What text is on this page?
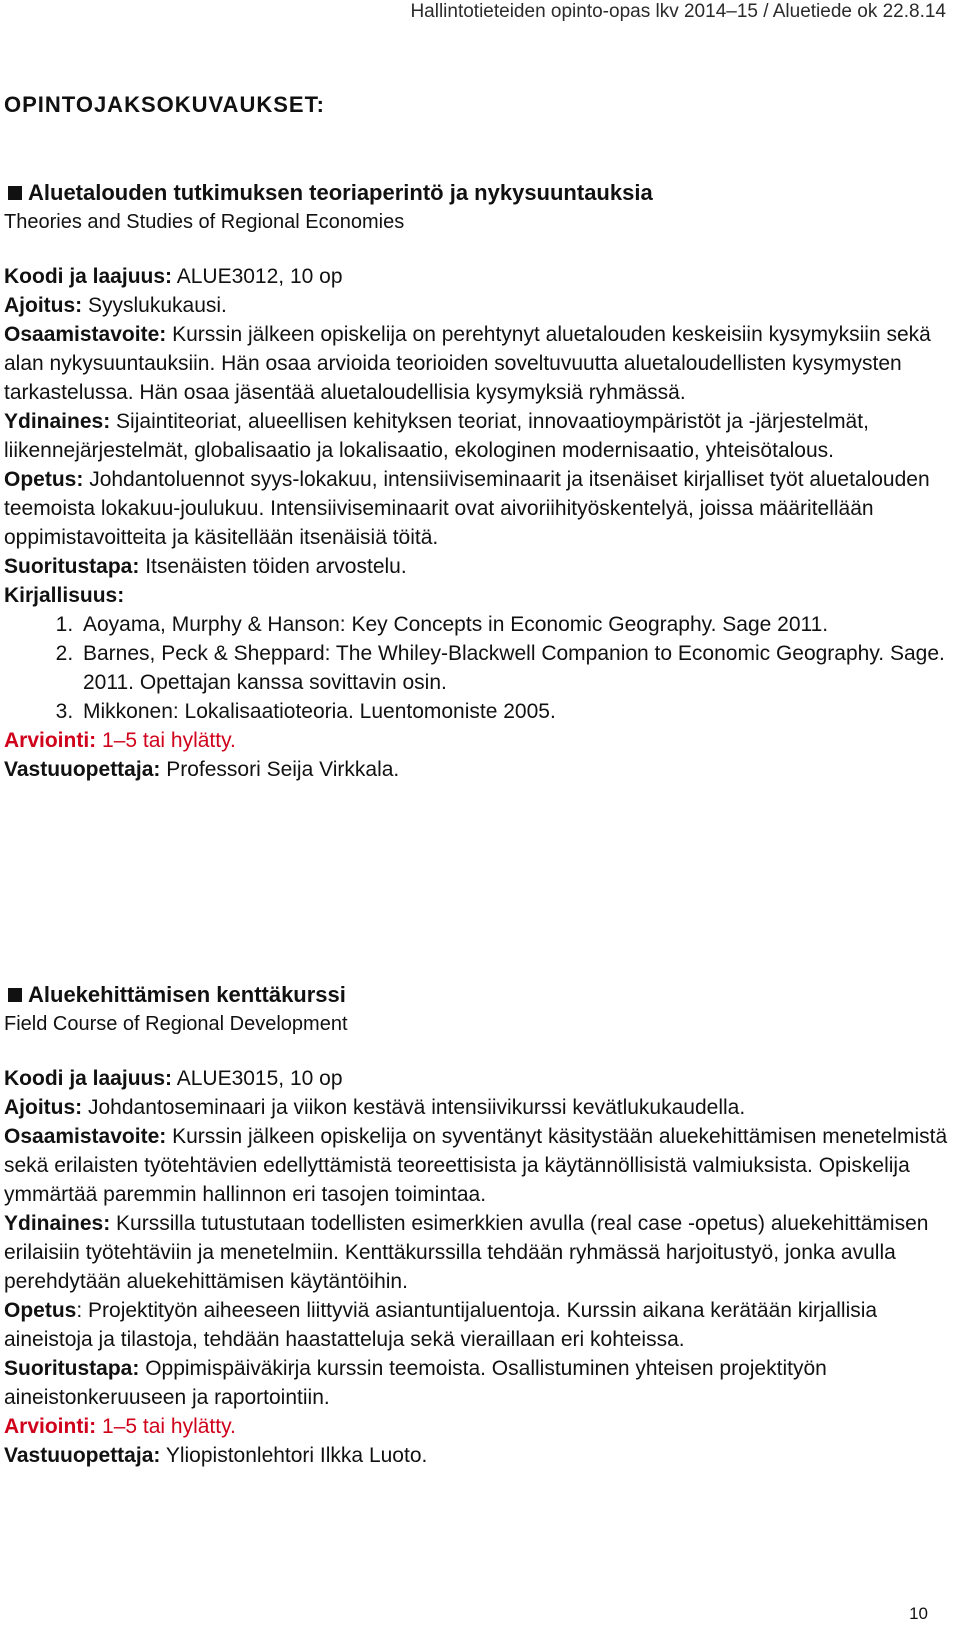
Hallintotieteiden opinto-opas lkv 2014–15 / Aluetiede ok 22.8.14
OPINTOJAKSOKUVAUKSET:
Aluetalouden tutkimuksen teoriaperintö ja nykysuuntauksia
Theories and Studies of Regional Economies

Koodi ja laajuus: ALUE3012, 10 op

Ajoitus: Syyslukukausi.

Osaamistavoite: Kurssin jälkeen opiskelija on perehtynyt aluetalouden keskeisiin kysymyksiin sekä alan nykysuuntauksiin. Hän osaa arvioida teorioiden soveltuvuutta aluetaloudellisten kysymysten tarkastelussa. Hän osaa jäsentää aluetaloudellisia kysymyksiä ryhmässä.

Ydinaines: Sijaintiteoriat, alueellisen kehityksen teoriat, innovaatioympäristöt ja -järjestelmät, liikennejärjestelmät, globalisaatio ja lokalisaatio, ekologinen modernisaatio, yhteisötalous.

Opetus: Johdantoluennot syys-lokakuu, intensiiviseminaarit ja itsenäiset kirjalliset työt aluetalouden teemoista lokakuu-joulukuu. Intensiiviseminaarit ovat aivoriihityöskentelyä, joissa määritellään oppimistavoitteita ja käsitellään itsenäisiä töitä.

Suoritustapa: Itsenäisten töiden arvostelu.

Kirjallisuus:

1. Aoyama, Murphy & Hanson: Key Concepts in Economic Geography. Sage 2011.
2. Barnes, Peck & Sheppard: The Whiley-Blackwell Companion to Economic Geography. Sage. 2011. Opettajan kanssa sovittavin osin.
3. Mikkonen: Lokalisaatioteoria. Luentomoniste 2005.

Arviointi: 1–5 tai hylätty.

Vastuuopettaja: Professori Seija Virkkala.

Aluekehittämisen kenttäkurssi
Field Course of Regional Development

Koodi ja laajuus: ALUE3015, 10 op

Ajoitus: Johdantoseminaari ja viikon kestävä intensiivikurssi kevätlukukaudella.

Osaamistavoite: Kurssin jälkeen opiskelija on syventänyt käsitystään aluekehittämisen menetelmistä sekä erilaisten työtehtävien edellyttämistä teoreettisista ja käytännöllisistä valmiuksista. Opiskelija ymmärtää paremmin hallinnon eri tasojen toimintaa.

Ydinaines: Kurssilla tutustutaan todellisten esimerkkien avulla (real case -opetus) aluekehittämisen erilaisiin työtehtäviin ja menetelmiin. Kenttäkurssilla tehdään ryhmässä harjoitustyö, jonka avulla perehdytään aluekehittämisen käytäntöihin.

Opetus: Projektityön aiheeseen liittyviä asiantuntijaluentoja. Kurssin aikana kerätään kirjallisia aineistoja ja tilastoja, tehdään haastatteluja sekä vieraillaan eri kohteissa.

Suoritustapa: Oppimispäiväkirja kurssin teemoista. Osallistuminen yhteisen projektityön aineistonkeruuseen ja raportointiin.

Arviointi: 1–5 tai hylätty.

Vastuuopettaja: Yliopistonlehtori Ilkka Luoto.

10
